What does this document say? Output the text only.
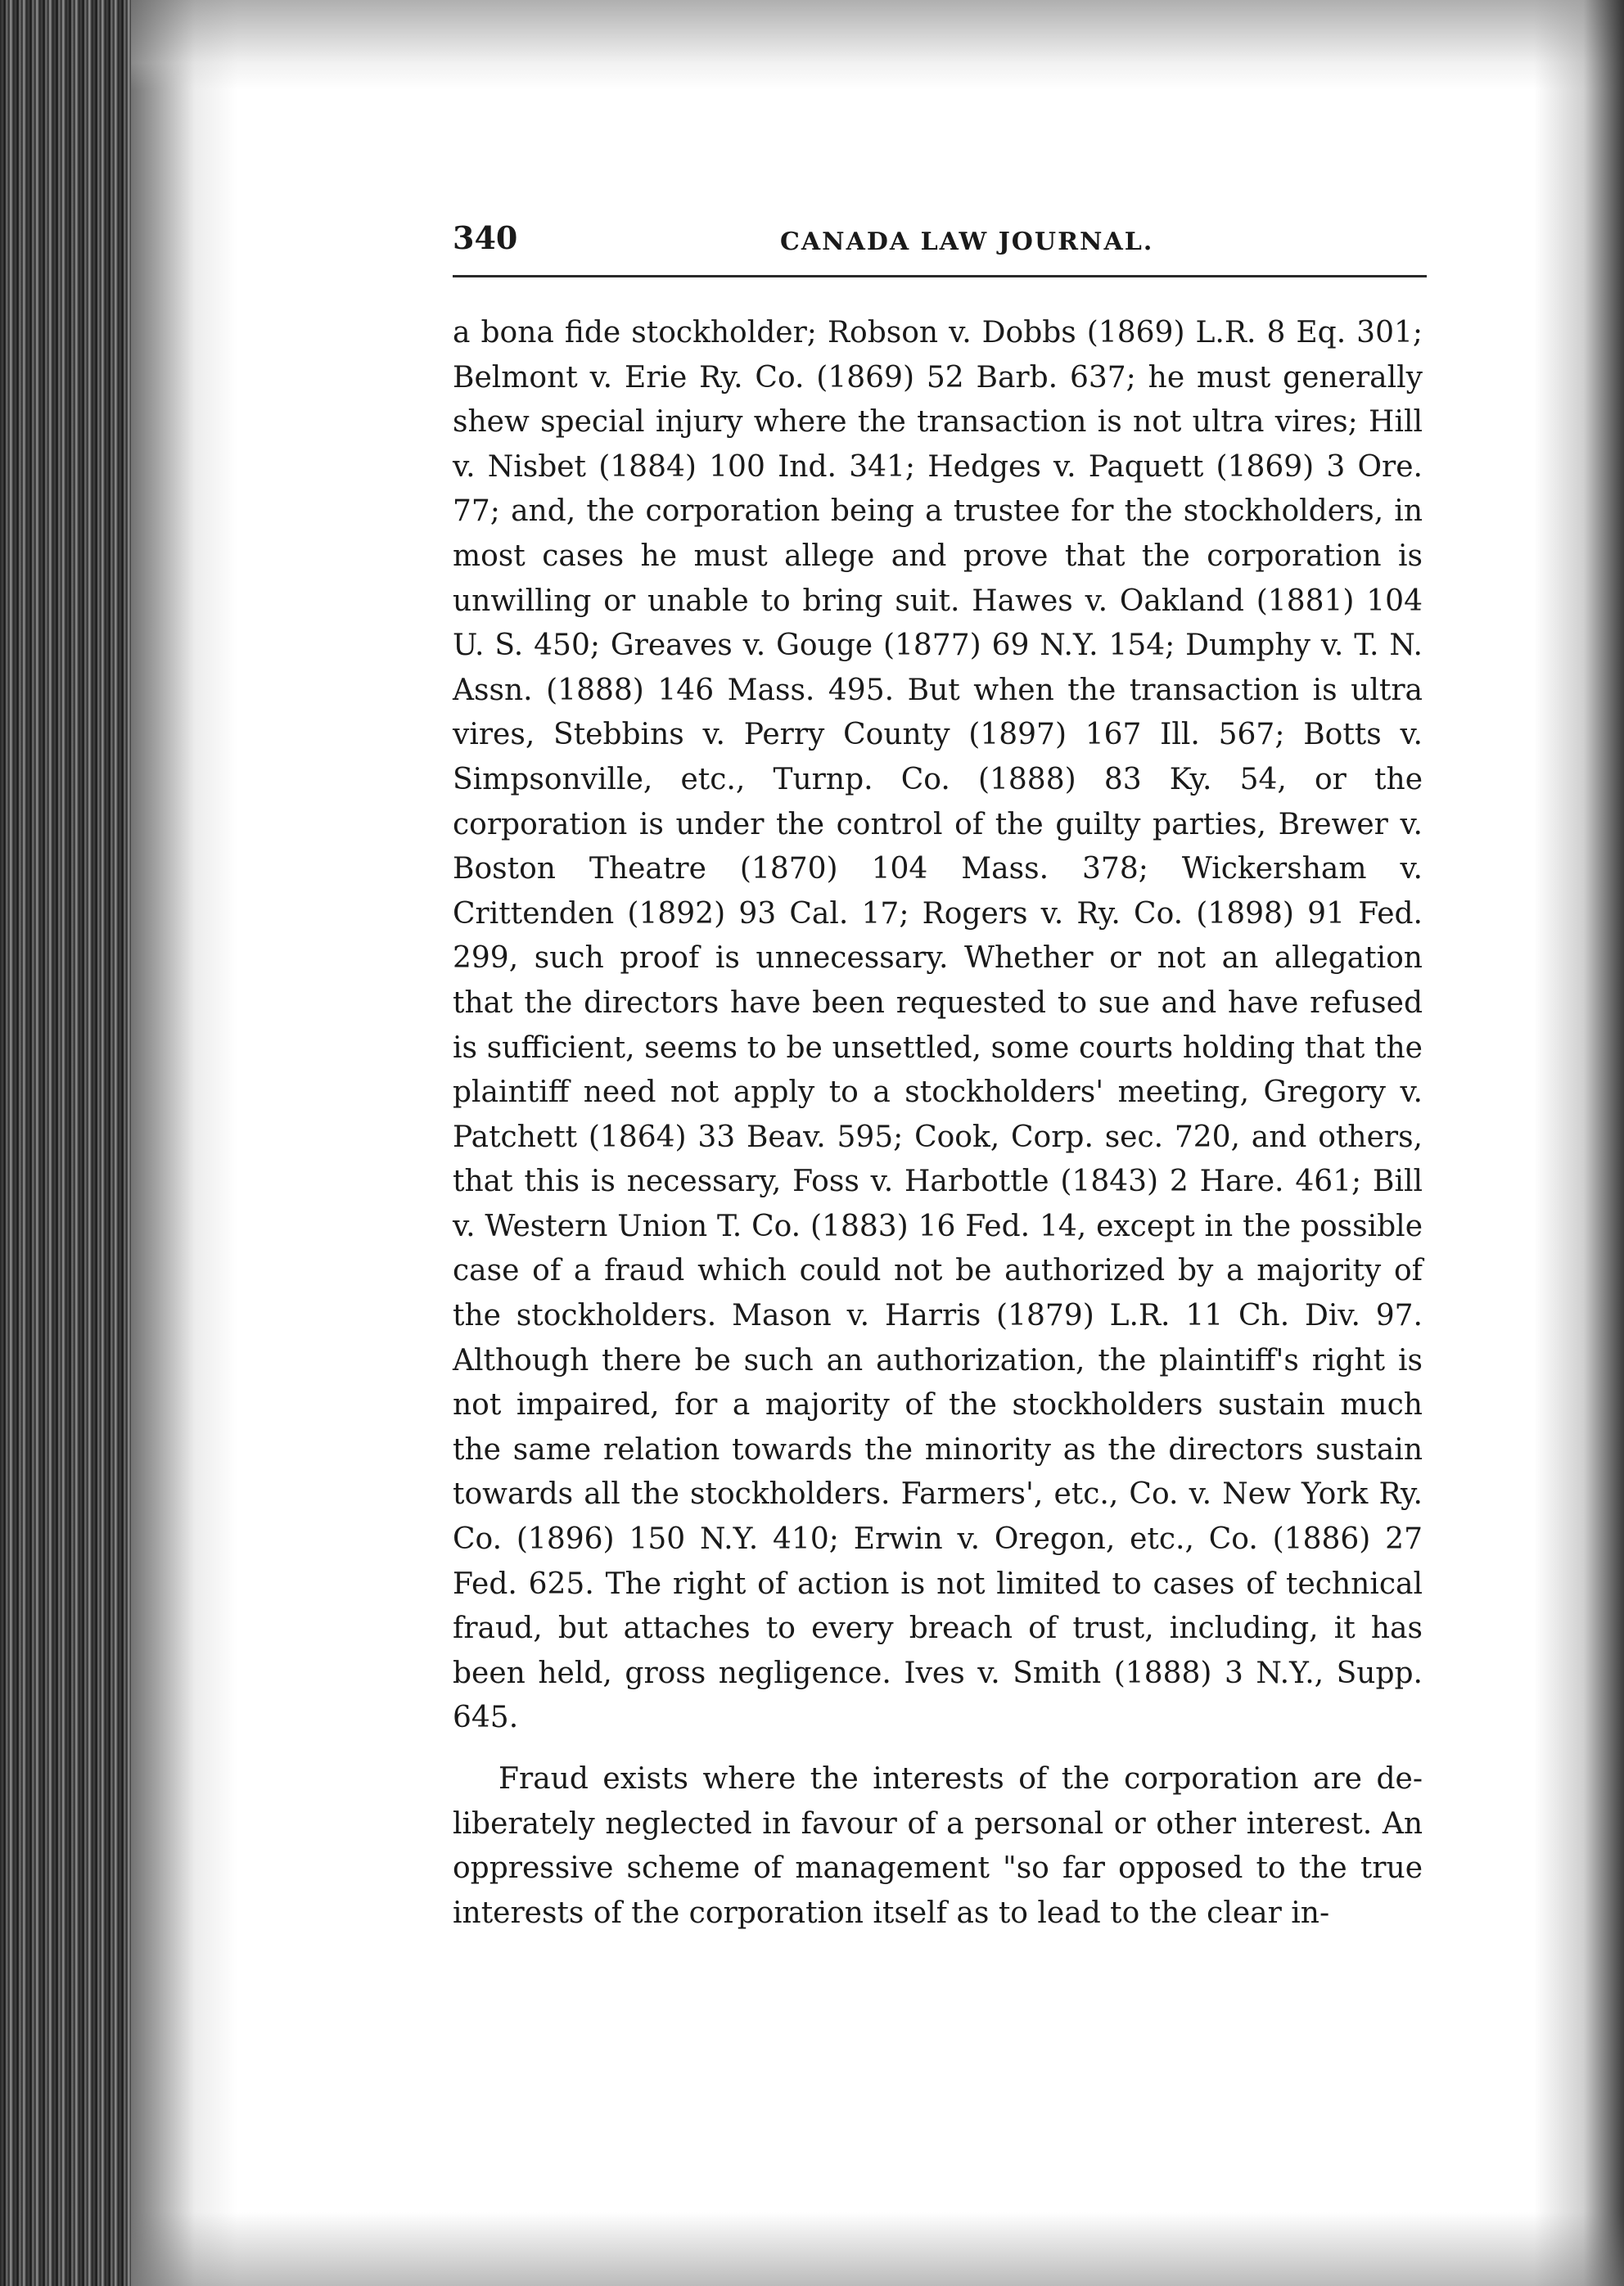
340	CANADA LAW JOURNAL.

a bona fide stockholder; Robson v. Dobbs (1869) L.R. 8 Eq. 301; Belmont v. Erie Ry. Co. (1869) 52 Barb. 637; he must generally shew special injury where the transaction is not ultra vires; Hill v. Nisbet (1884) 100 Ind. 341; Hedges v. Paquett (1869) 3 Ore. 77; and, the corporation being a trustee for the stockholders, in most cases he must allege and prove that the corporation is unwilling or unable to bring suit. Hawes v. Oakland (1881) 104 U. S. 450; Greaves v. Gouge (1877) 69 N.Y. 154; Dumphy v. T. N. Assn. (1888) 146 Mass. 495. But when the transaction is ultra vires, Stebbins v. Perry County (1897) 167 Ill. 567; Botts v. Simpsonville, etc., Turnp. Co. (1888) 83 Ky. 54, or the corporation is under the control of the guilty parties, Brewer v. Boston Theatre (1870) 104 Mass. 378; Wickersham v. Crittenden (1892) 93 Cal. 17; Rogers v. Ry. Co. (1898) 91 Fed. 299, such proof is unnecessary. Whether or not an allegation that the directors have been requested to sue and have refused is sufficient, seems to be unsettled, some courts holding that the plaintiff need not apply to a stockholders' meeting, Gregory v. Patchett (1864) 33 Beav. 595; Cook, Corp. sec. 720, and others, that this is necessary, Foss v. Harbottle (1843) 2 Hare. 461; Bill v. Western Union T. Co. (1883) 16 Fed. 14, except in the possible case of a fraud which could not be authorized by a majority of the stockholders. Mason v. Harris (1879) L.R. 11 Ch. Div. 97. Although there be such an authorization, the plaintiff's right is not impaired, for a majority of the stockholders sustain much the same relation towards the minority as the directors sustain towards all the stockholders. Farmers', etc., Co. v. New York Ry. Co. (1896) 150 N.Y. 410; Erwin v. Oregon, etc., Co. (1886) 27 Fed. 625. The right of action is not limited to cases of technical fraud, but attaches to every breach of trust, including, it has been held, gross negligence. Ives v. Smith (1888) 3 N.Y., Supp. 645.

Fraud exists where the interests of the corporation are deliberately neglected in favour of a personal or other interest. An oppressive scheme of management "so far opposed to the true interests of the corporation itself as to lead to the clear in-
